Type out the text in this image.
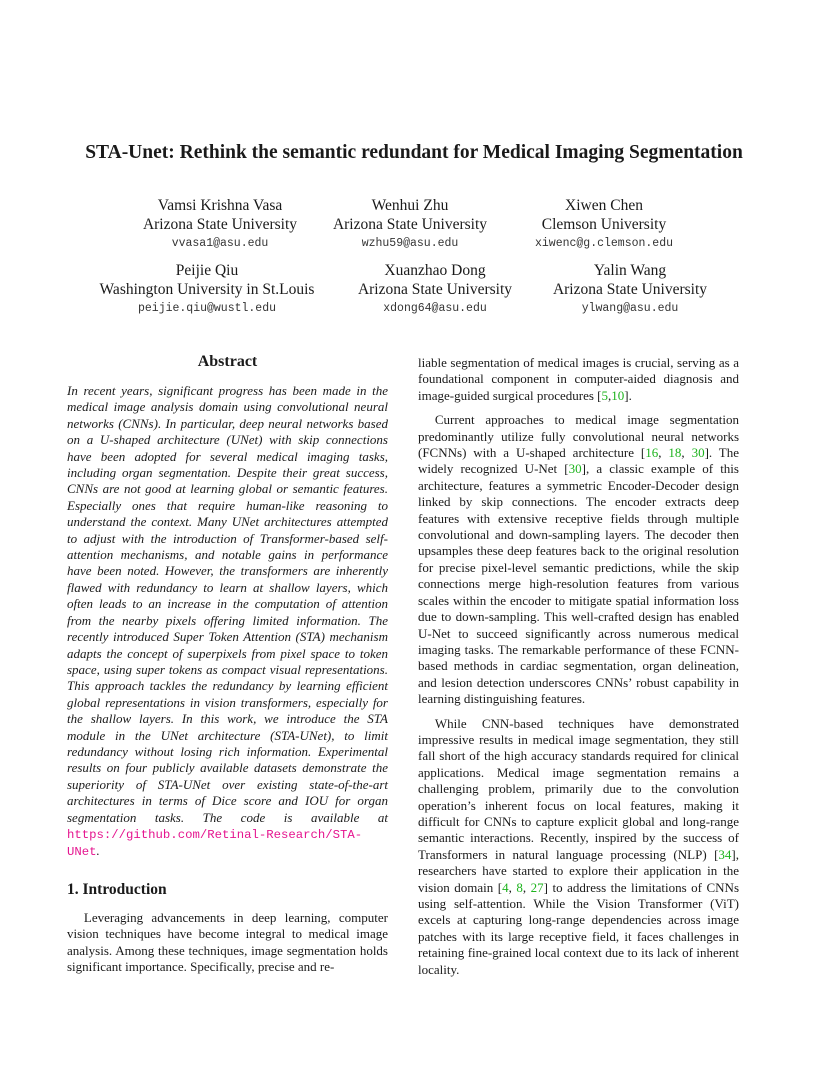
STA-Unet: Rethink the semantic redundant for Medical Imaging Segmentation
Vamsi Krishna Vasa
Arizona State University
vvasa1@asu.edu
Wenhui Zhu
Arizona State University
wzhu59@asu.edu
Xiwen Chen
Clemson University
xiwenc@g.clemson.edu
Peijie Qiu
Washington University in St.Louis
peijie.qiu@wustl.edu
Xuanzhao Dong
Arizona State University
xdong64@asu.edu
Yalin Wang
Arizona State University
ylwang@asu.edu
Abstract

In recent years, significant progress has been made in the medical image analysis domain using convolutional neural networks (CNNs). In particular, deep neural networks based on a U-shaped architecture (UNet) with skip connections have been adopted for several medical imaging tasks, including organ segmentation. Despite their great success, CNNs are not good at learning global or semantic features. Especially ones that require human-like reasoning to understand the context. Many UNet architectures attempted to adjust with the introduction of Transformer-based self-attention mechanisms, and notable gains in performance have been noted. However, the transformers are inherently flawed with redundancy to learn at shallow layers, which often leads to an increase in the computation of attention from the nearby pixels offering limited information. The recently introduced Super Token Attention (STA) mechanism adapts the concept of superpixels from pixel space to token space, using super tokens as compact visual representations. This approach tackles the redundancy by learning efficient global representations in vision transformers, especially for the shallow layers. In this work, we introduce the STA module in the UNet architecture (STA-UNet), to limit redundancy without losing rich information. Experimental results on four publicly available datasets demonstrate the superiority of STA-UNet over existing state-of-the-art architectures in terms of Dice score and IOU for organ segmentation tasks. The code is available at https://github.com/Retinal-Research/STA-UNet.

1. Introduction

Leveraging advancements in deep learning, computer vision techniques have become integral to medical image analysis. Among these techniques, image segmentation holds significant importance. Specifically, precise and re-

liable segmentation of medical images is crucial, serving as a foundational component in computer-aided diagnosis and image-guided surgical procedures [5,10].

Current approaches to medical image segmentation predominantly utilize fully convolutional neural networks (FCNNs) with a U-shaped architecture [16, 18, 30]. The widely recognized U-Net [30], a classic example of this architecture, features a symmetric Encoder-Decoder design linked by skip connections. The encoder extracts deep features with extensive receptive fields through multiple convolutional and down-sampling layers. The decoder then upsamples these deep features back to the original resolution for precise pixel-level semantic predictions, while the skip connections merge high-resolution features from various scales within the encoder to mitigate spatial information loss due to down-sampling. This well-crafted design has enabled U-Net to succeed significantly across numerous medical imaging tasks. The remarkable performance of these FCNN-based methods in cardiac segmentation, organ delineation, and lesion detection underscores CNNs’ robust capability in learning distinguishing features.

While CNN-based techniques have demonstrated impressive results in medical image segmentation, they still fall short of the high accuracy standards required for clinical applications. Medical image segmentation remains a challenging problem, primarily due to the convolution operation’s inherent focus on local features, making it difficult for CNNs to capture explicit global and long-range semantic interactions. Recently, inspired by the success of Transformers in natural language processing (NLP) [34], researchers have started to explore their application in the vision domain [4, 8, 27] to address the limitations of CNNs using self-attention. While the Vision Transformer (ViT) excels at capturing long-range dependencies across image patches with its large receptive field, it faces challenges in retaining fine-grained local context due to its lack of inherent locality.
